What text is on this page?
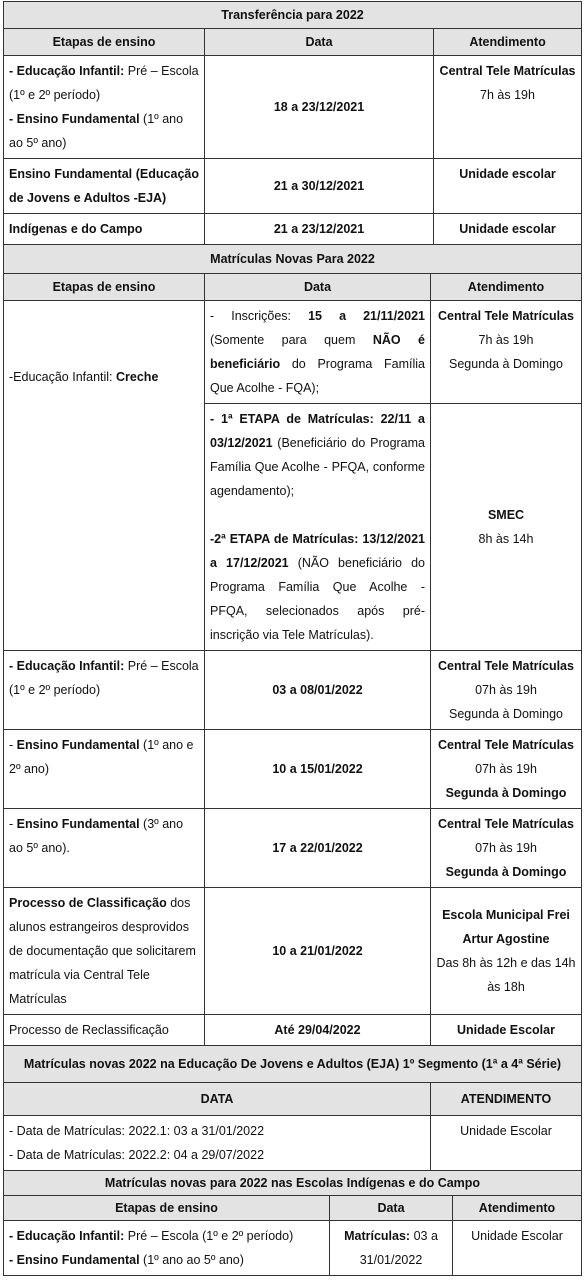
Transferência para 2022		
Etapas de ensino	Data	Atendimento
- Educação Infantil: Pré – Escola (1º e 2º período)
- Ensino Fundamental (1º ano ao 5º ano)	18 a 23/12/2021	Central Tele Matrículas
7h às 19h
Ensino Fundamental (Educação de Jovens e Adultos -EJA)	21 a 30/12/2021	Unidade escolar
Indígenas e do Campo	21 a 23/12/2021	Unidade escolar
Matrículas Novas Para 2022		
Etapas de ensino	Data	Atendimento
-Educação Infantil: Creche	- Inscrições: 15 a 21/11/2021 (Somente para quem NÃO é beneficiário do Programa Família Que Acolhe - FQA);	Central Tele Matrículas
7h às 19h
Segunda à Domingo
	- 1ª ETAPA de Matrículas: 22/11 a 03/12/2021 (Beneficiário do Programa Família Que Acolhe - PFQA, conforme agendamento);
-2ª ETAPA de Matrículas: 13/12/2021 a 17/12/2021 (NÃO beneficiário do Programa Família Que Acolhe - PFQA, selecionados após pré-inscrição via Tele Matrículas).	SMEC
8h às 14h
- Educação Infantil: Pré – Escola (1º e 2º período)	03 a 08/01/2022	Central Tele Matrículas
07h às 19h
Segunda à Domingo
- Ensino Fundamental (1º ano e 2º ano)	10 a 15/01/2022	Central Tele Matrículas
07h às 19h
Segunda à Domingo
- Ensino Fundamental (3º ano ao 5º ano).	17 a 22/01/2022	Central Tele Matrículas
07h às 19h
Segunda à Domingo
Processo de Classificação dos alunos estrangeiros desprovidos de documentação que solicitarem matrícula via Central Tele Matrículas	10 a 21/01/2022	Escola Municipal Frei Artur Agostine
Das 8h às 12h e das 14h às 18h
Processo de Reclassificação	Até 29/04/2022	Unidade Escolar
Matrículas novas 2022 na Educação De Jovens e Adultos (EJA) 1º Segmento (1ª a 4ª Série)	
DATA	ATENDIMENTO
- Data de Matrículas: 2022.1: 03 a 31/01/2022
- Data de Matrículas: 2022.2: 04 a 29/07/2022	Unidade Escolar
Matrículas novas para 2022 nas Escolas Indígenas e do Campo		
Etapas de ensino	Data	Atendimento
- Educação Infantil: Pré – Escola (1º e 2º período)
- Ensino Fundamental (1º ano ao 5º ano)	Matrículas: 03 a 31/01/2022	Unidade Escolar
